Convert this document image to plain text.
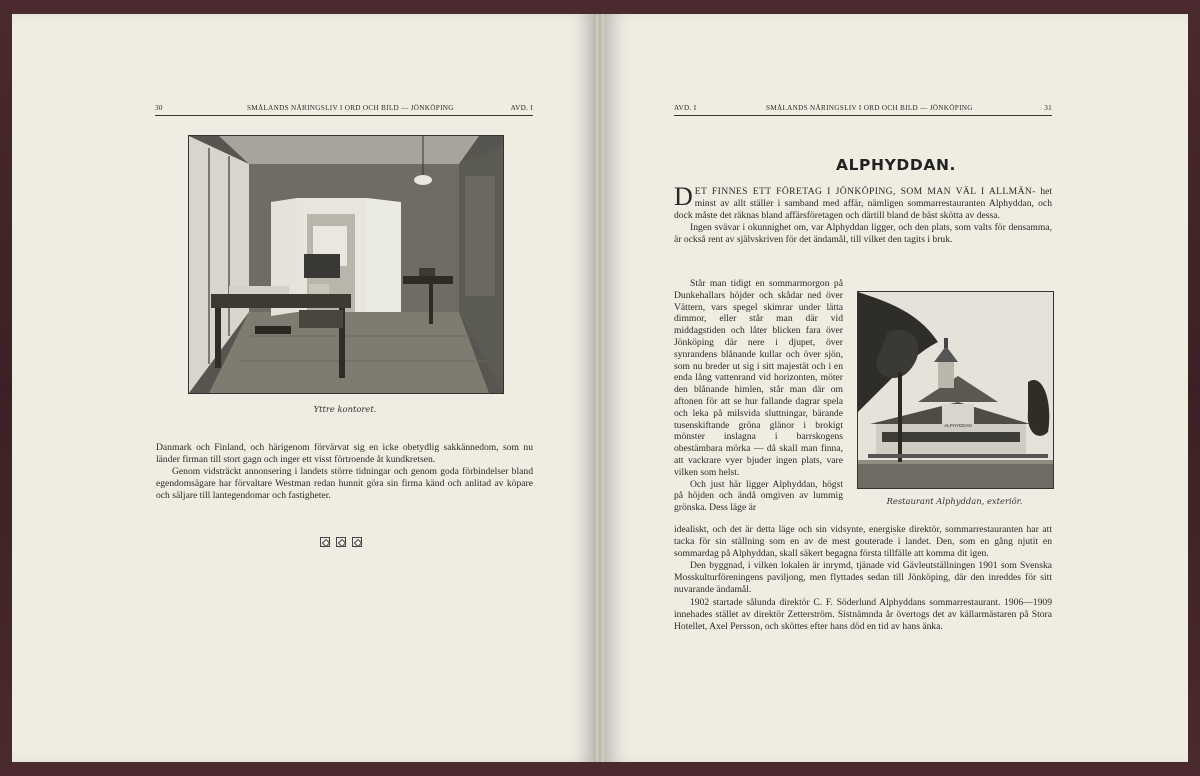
30	SMÅLANDS NÄRINGSLIV I ORD OCH BILD — JÖNKÖPING	AVD. I
Yttre kontoret.

Danmark och Finland, och härigenom förvärvat sig en icke obetydlig sakkännedom, som nu länder firman till stort gagn och inger ett visst förtroende åt kundkretsen.

Genom vidsträckt annonsering i landets större tidningar och genom goda förbindelser bland egendomsägare har förvaltare Westman redan hunnit göra sin firma känd och anlitad av köpare och säljare till lantegendomar och fastigheter.

AVD. I	SMÅLANDS NÄRINGSLIV I ORD OCH BILD — JÖNKÖPING	31
ALPHYDDAN.

DET FINNES ETT FÖRETAG I JÖNKÖPING, SOM MAN VÄL I ALLMÄN- het minst av allt ställer i samband med affär, nämligen sommarrestauranten Alphyddan, och dock måste det räknas bland affärsföretagen och därtill bland de bäst skötta av dessa.

Ingen svävar i okunnighet om, var Alphyddan ligger, och den plats, som valts för densamma, är också rent av självskriven för det ändamål, till vilket den tagits i bruk.

Står man tidigt en sommarmorgon på Dunkehallars höjder och skådar ned över Vättern, vars spegel skimrar under lätta dimmor, eller står man där vid middagstiden och låter blicken fara över Jönköping där nere i djupet, över synrandens blånande kullar och över sjön, som nu breder ut sig i sitt majestät och i en enda lång vattenrand vid horizonten, möter den blånande himlen, står man där om aftonen för att se hur fallande dagrar spela och leka på milsvida sluttningar, bärande tusenskiftande gröna glänor i brokigt mönster inslagna i barrskogens obestämbara mörka — då skall man finna, att vackrare vyer bjuder ingen plats, vare vilken som helst.

Och just här ligger Alphyddan, högst på höjden och ändå omgiven av lummig grönska. Dess läge är

ALPHYDDAN
Restaurant Alphyddan, exteriör.

idealiskt, och det är detta läge och sin vidsynte, energiske direktör, sommarrestauranten har att tacka för sin ställning som en av de mest gouterade i landet. Den, som en gång njutit en sommardag på Alphyddan, skall säkert begagna första tillfälle att komma dit igen.

Den byggnad, i vilken lokalen är inrymd, tjänade vid Gävleutställningen 1901 som Svenska Mosskulturföreningens paviljong, men flyttades sedan till Jönköping, där den inreddes för sitt nuvarande ändamål.

1902 startade sålunda direktör C. F. Söderlund Alphyddans sommarrestaurant. 1906—1909 innehades stället av direktör Zetterström. Sistnämnda år övertogs det av källarmästaren på Stora Hotellet, Axel Persson, och sköttes efter hans död en tid av hans änka.
